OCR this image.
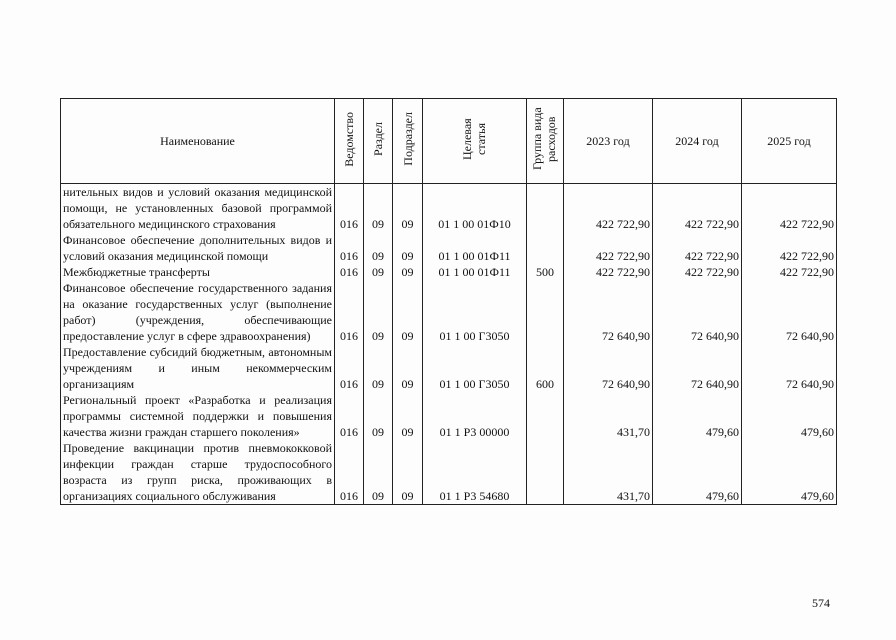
Наименование	Ведомство	Раздел	Подраздел	Целевая статья	Группа вида расходов	2023 год	2024 год	2025 год
нительных видов и условий оказания медицинской помощи, не установленных базовой программой обязательного медицинского страхования	016	09	09	01 1 00 01Ф10		422 722,90	422 722,90	422 722,90
Финансовое обеспечение дополнительных видов и условий оказания медицинской помощи	016	09	09	01 1 00 01Ф11		422 722,90	422 722,90	422 722,90
Межбюджетные трансферты	016	09	09	01 1 00 01Ф11	500	422 722,90	422 722,90	422 722,90
Финансовое обеспечение государственного задания на оказание государственных услуг (выполнение работ) (учреждения, обеспечивающие предоставление услуг в сфере здравоохранения)	016	09	09	01 1 00 Г3050		72 640,90	72 640,90	72 640,90
Предоставление субсидий бюджетным, автономным учреждениям и иным некоммерческим организациям	016	09	09	01 1 00 Г3050	600	72 640,90	72 640,90	72 640,90
Региональный проект «Разработка и реализация программы системной поддержки и повышения качества жизни граждан старшего поколения»	016	09	09	01 1 Р3 00000		431,70	479,60	479,60
Проведение вакцинации против пневмококковой инфекции граждан старше трудоспособного возраста из групп риска, проживающих в организациях социального обслуживания	016	09	09	01 1 Р3 54680		431,70	479,60	479,60
574
